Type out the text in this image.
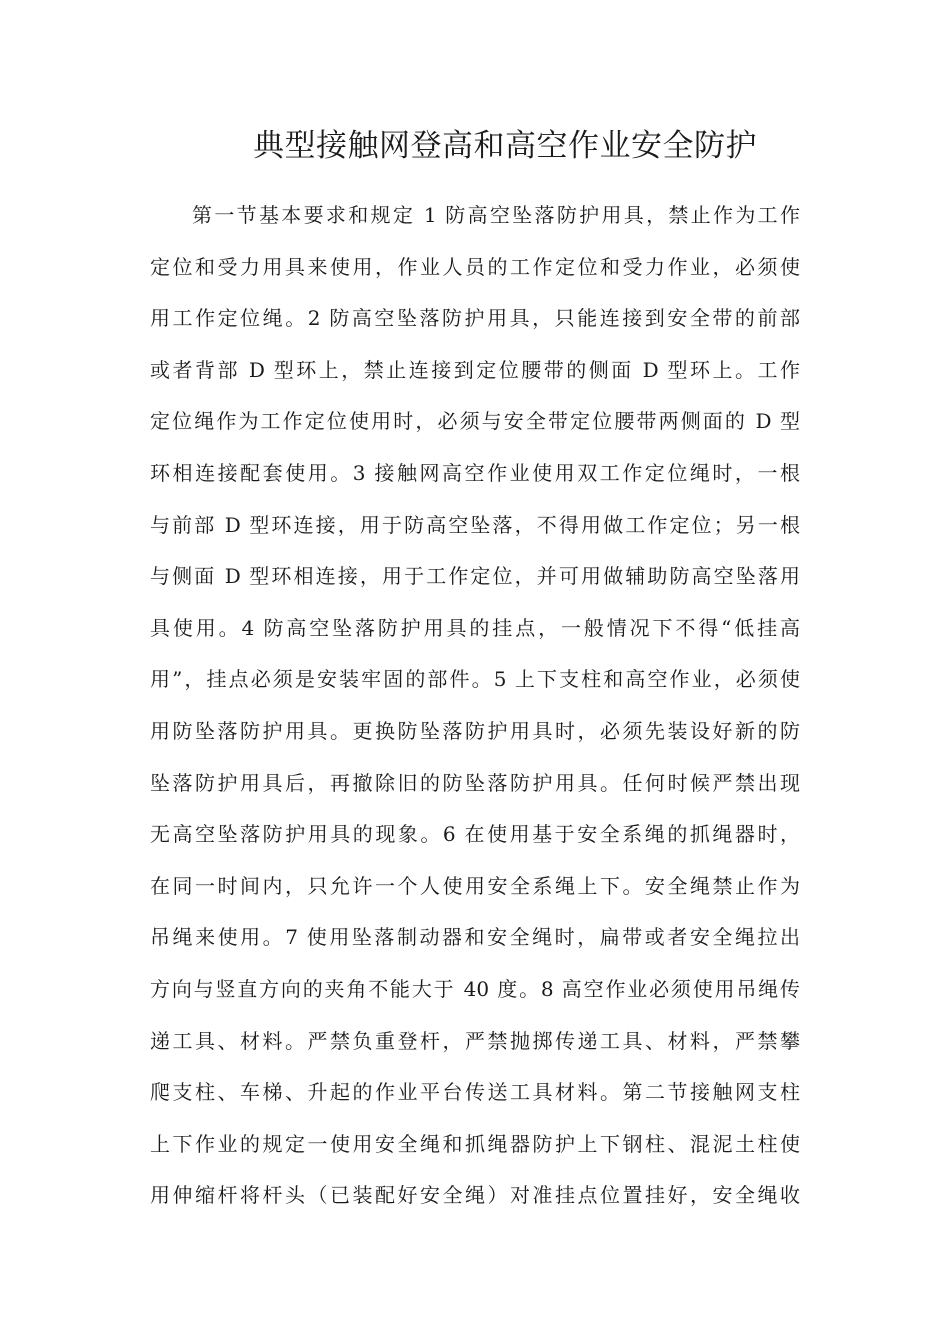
典型接触网登高和高空作业安全防护
第一节基本要求和规定 1 防高空坠落防护用具，禁止作为工作
定位和受力用具来使用，作业人员的工作定位和受力作业，必须使
用工作定位绳。2 防高空坠落防护用具，只能连接到安全带的前部
或者背部 D 型环上，禁止连接到定位腰带的侧面 D 型环上。工作
定位绳作为工作定位使用时，必须与安全带定位腰带两侧面的 D 型
环相连接配套使用。3 接触网高空作业使用双工作定位绳时，一根
与前部 D 型环连接，用于防高空坠落，不得用做工作定位；另一根
与侧面 D 型环相连接，用于工作定位，并可用做辅助防高空坠落用
具使用。4 防高空坠落防护用具的挂点，一般情况下不得“低挂高
用”，挂点必须是安装牢固的部件。5 上下支柱和高空作业，必须使
用防坠落防护用具。更换防坠落防护用具时，必须先装设好新的防
坠落防护用具后，再撤除旧的防坠落防护用具。任何时候严禁出现
无高空坠落防护用具的现象。6 在使用基于安全系绳的抓绳器时，
在同一时间内，只允许一个人使用安全系绳上下。安全绳禁止作为
吊绳来使用。7 使用坠落制动器和安全绳时，扁带或者安全绳拉出
方向与竖直方向的夹角不能大于 40 度。8 高空作业必须使用吊绳传
递工具、材料。严禁负重登杆，严禁抛掷传递工具、材料，严禁攀
爬支柱、车梯、升起的作业平台传送工具材料。第二节接触网支柱
上下作业的规定一使用安全绳和抓绳器防护上下钢柱、混泥土柱使
用伸缩杆将杆头（已装配好安全绳）对准挂点位置挂好，安全绳收
